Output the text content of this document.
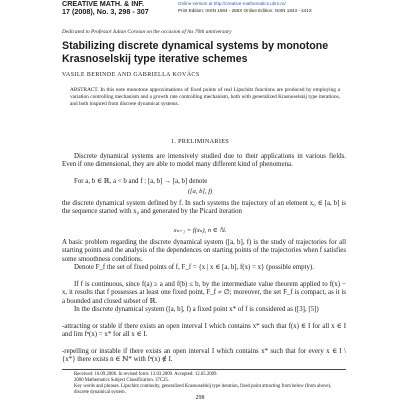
CREATIVE MATH. & INF.
17 (2008), No. 3, 298 - 307
Online version at http://creative-mathematics.ubm.ro/
Print Edition: ISSN 1584 - 286X Online Edition: ISSN 1843 - 441X
Dedicated to Professor Iulian Coroian on the occasion of his 70th anniversary
Stabilizing discrete dynamical systems by monotone Krasnoselskij type iterative schemes
VASILE BERINDE AND GABRIELLA KOVÁCS
ABSTRACT. In this note monotone approximations of fixed points of real Lipschitz functions are produced by employing a variation controlling mechanism and a growth rate controlling mechanism, both with generalized Krasnoselskij type iterations, and both inspired from discrete dynamical systems.
1. PRELIMINARIES
Discrete dynamical systems are intensively studied due to their applications in various fields. Even if one dimensional, they are able to model many different kind of phenomena.
For a, b ∈ ℝ, a < b and f : [a, b] → [a, b] denote
([a, b], f)
the discrete dynamical system defined by f. In such systems the trajectory of an element x₀ ∈ [a, b] is the sequence started with x₀ and generated by the Picard iteration
xₙ₊₁ = f(xₙ), n ∈ ℕ.
A basic problem regarding the discrete dynamical system ([a, b], f) is the study of trajectories for all starting points and the analysis of the dependences on starting points of the trajectories when f satisfies some smoothness conditions.
Denote F_f the set of fixed points of f, F_f = {x | x ∈ [a, b], f(x) = x} (possible empty).
If f is continuous, since f(a) ≥ a and f(b) ≤ b, by the intermediate value theorem applied to f(x) − x, it results that f possesses at least one fixed point, F_f ≠ ∅; moreover, the set F_f is compact, as it is a bounded and closed subset of ℝ.
In the discrete dynamical system ([a, b], f) a fixed point x* of f is considered as ([3], [5])
-attracting or stable if there exists an open interval I which contains x* such that f(x) ∈ I for all x ∈ I and lim fⁿ(x) = x* for all x ∈ I.
-repelling or instable if there exists an open interval I which contains x* such that for every x ∈ I \ {x*} there exists n ∈ ℕ* with fⁿ(x) ∉ I.
Received: 16.09.2008. In revised form: 13.03.2009. Accepted: 12.05.2009.
2000 Mathematics Subject Classification. 37C25.
Key words and phrases. Lipschitz continuity, generalized Krasnoselskij type iteration, fixed point attracting from below (from above), discrete dynamical system.
298
